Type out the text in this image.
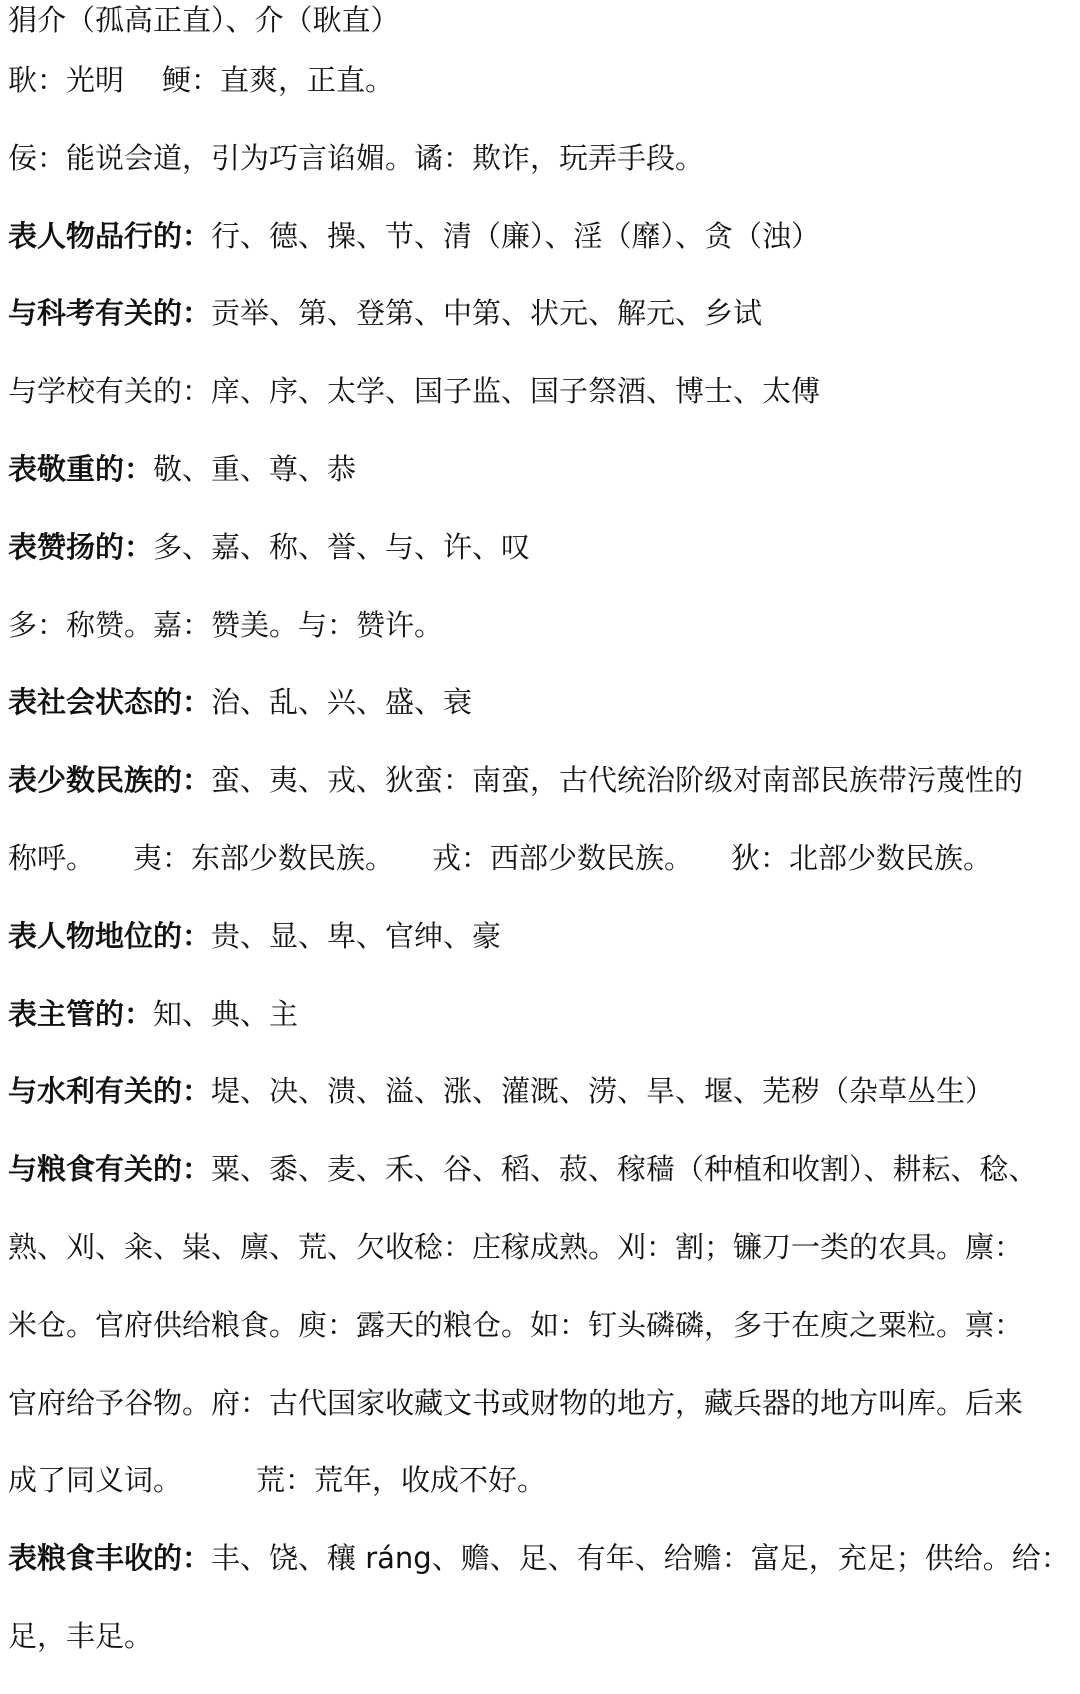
狷介（孤高正直）、介（耿直）
耿：光明 鲠：直爽，正直。
佞：能说会道，引为巧言谄媚。谲：欺诈，玩弄手段。
表人物品行的：行、德、操、节、清（廉）、淫（靡）、贪（浊）
与科考有关的：贡举、第、登第、中第、状元、解元、乡试
与学校有关的：庠、序、太学、国子监、国子祭酒、博士、太傅
表敬重的：敬、重、尊、恭
表赞扬的：多、嘉、称、誉、与、许、叹
多：称赞。嘉：赞美。与：赞许。
表社会状态的：治、乱、兴、盛、衰
表少数民族的：蛮、夷、戎、狄蛮：南蛮，古代统治阶级对南部民族带污蔑性的
称呼。 夷：东部少数民族。 戎：西部少数民族。 狄：北部少数民族。
表人物地位的：贵、显、卑、官绅、豪
表主管的：知、典、主
与水利有关的：堤、决、溃、溢、涨、灌溉、涝、旱、堰、芜秽（杂草丛生）
与粮食有关的：粟、黍、麦、禾、谷、稻、菽、稼穑（种植和收割）、耕耘、稔、
熟、刈、籴、粜、廪、荒、欠收稔：庄稼成熟。刈：割；镰刀一类的农具。廪：
米仓。官府供给粮食。庾：露天的粮仓。如：钉头磷磷，多于在庾之粟粒。禀：
官府给予谷物。府：古代国家收藏文书或财物的地方，藏兵器的地方叫库。后来
成了同义词。	荒：荒年，收成不好。
表粮食丰收的：丰、饶、穰 ráng、赡、足、有年、给赡：富足，充足；供给。给：
足，丰足。
